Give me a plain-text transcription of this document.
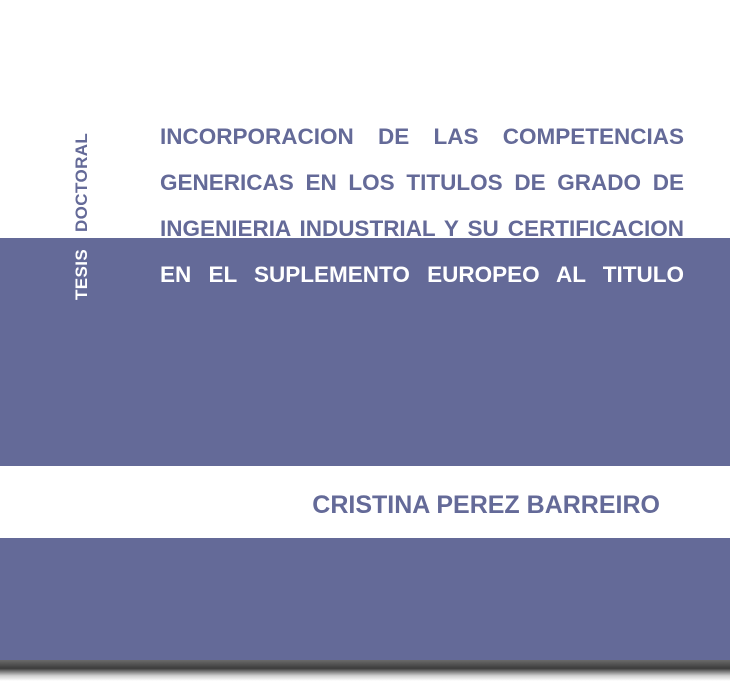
TESIS
DOCTORAL	INCORPORACION DE LAS COMPETENCIAS
GENERICAS EN LOS TITULOS DE GRADO DE
INGENIERIA INDUSTRIAL Y SU CERTIFICACION
EN EL SUPLEMENTO EUROPEO AL TITULO

CRISTINA PEREZ BARREIRO
